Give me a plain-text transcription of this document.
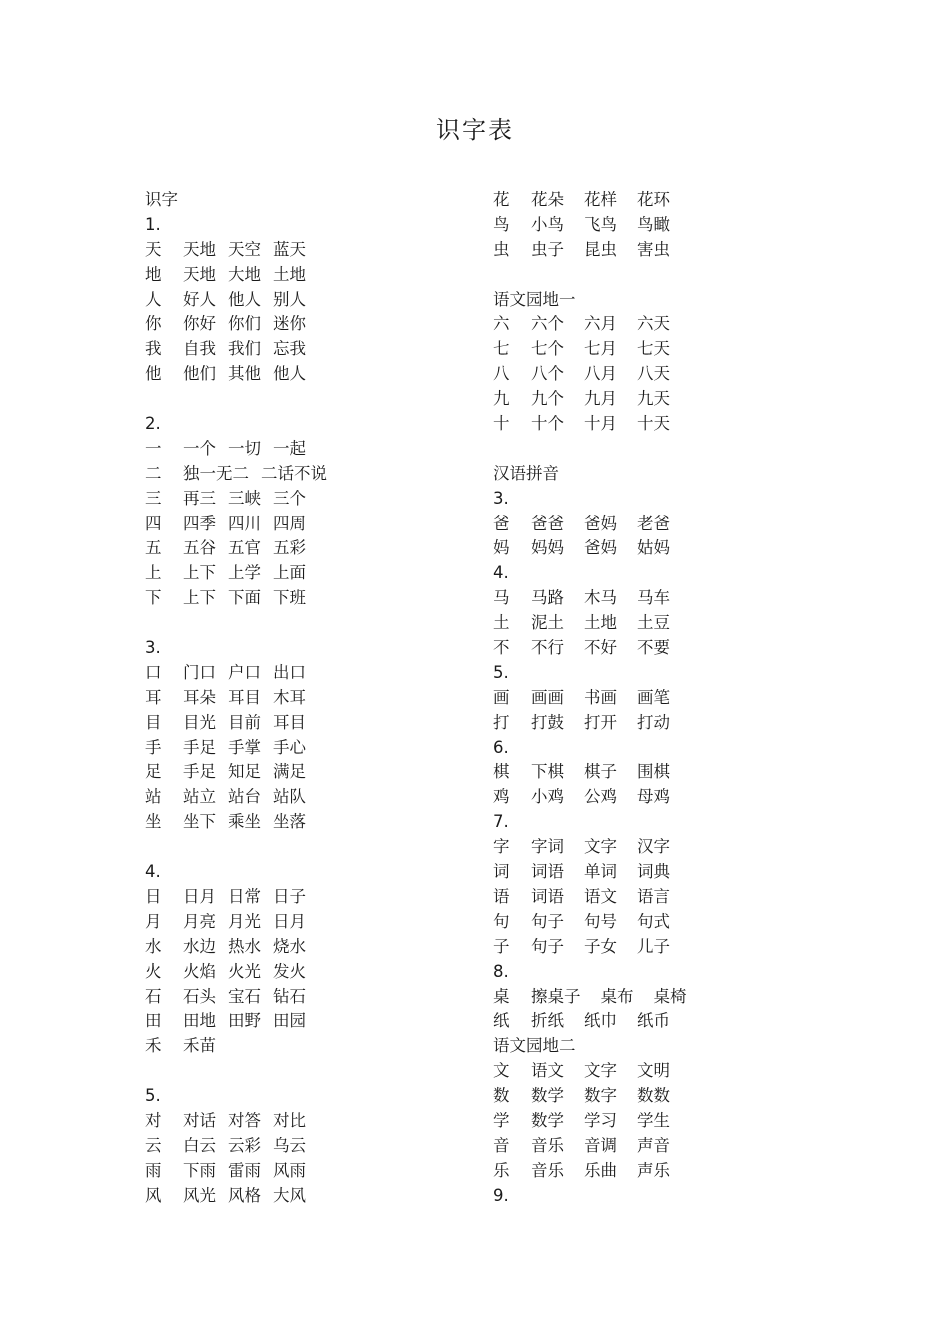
识字表
识字
1.
天 天地 天空 蓝天
地 天地 大地 土地
人 好人 他人 别人
你 你好 你们 迷你
我 自我 我们 忘我
他 他们 其他 他人
2.
一 一个 一切 一起
二 独一无二 二话不说
三 再三 三峡 三个
四 四季 四川 四周
五 五谷 五官 五彩
上 上下 上学 上面
下 上下 下面 下班
3.
口 门口 户口 出口
耳 耳朵 耳目 木耳
目 目光 目前 耳目
手 手足 手掌 手心
足 手足 知足 满足
站 站立 站台 站队
坐 坐下 乘坐 坐落
4.
日 日月 日常 日子
月 月亮 月光 日月
水 水边 热水 烧水
火 火焰 火光 发火
石 石头 宝石 钻石
田 田地 田野 田园
禾 禾苗
5.
对 对话 对答 对比
云 白云 云彩 乌云
雨 下雨 雷雨 风雨
风 风光 风格 大风
花 花朵 花样 花环
鸟 小鸟 飞鸟 鸟瞰
虫 虫子 昆虫 害虫
语文园地一
六 六个 六月 六天
七 七个 七月 七天
八 八个 八月 八天
九 九个 九月 九天
十 十个 十月 十天
汉语拼音
3.
爸 爸爸 爸妈 老爸
妈 妈妈 爸妈 姑妈
4.
马 马路 木马 马车
土 泥土 土地 土豆
不 不行 不好 不要
5.
画 画画 书画 画笔
打 打鼓 打开 打动
6.
棋 下棋 棋子 围棋
鸡 小鸡 公鸡 母鸡
7.
字 字词 文字 汉字
词 词语 单词 词典
语 词语 语文 语言
句 句子 句号 句式
子 句子 子女 儿子
8.
桌 擦桌子 桌布 桌椅
纸 折纸 纸巾 纸币
语文园地二
文 语文 文字 文明
数 数学 数字 数数
学 数学 学习 学生
音 音乐 音调 声音
乐 音乐 乐曲 声乐
9.
